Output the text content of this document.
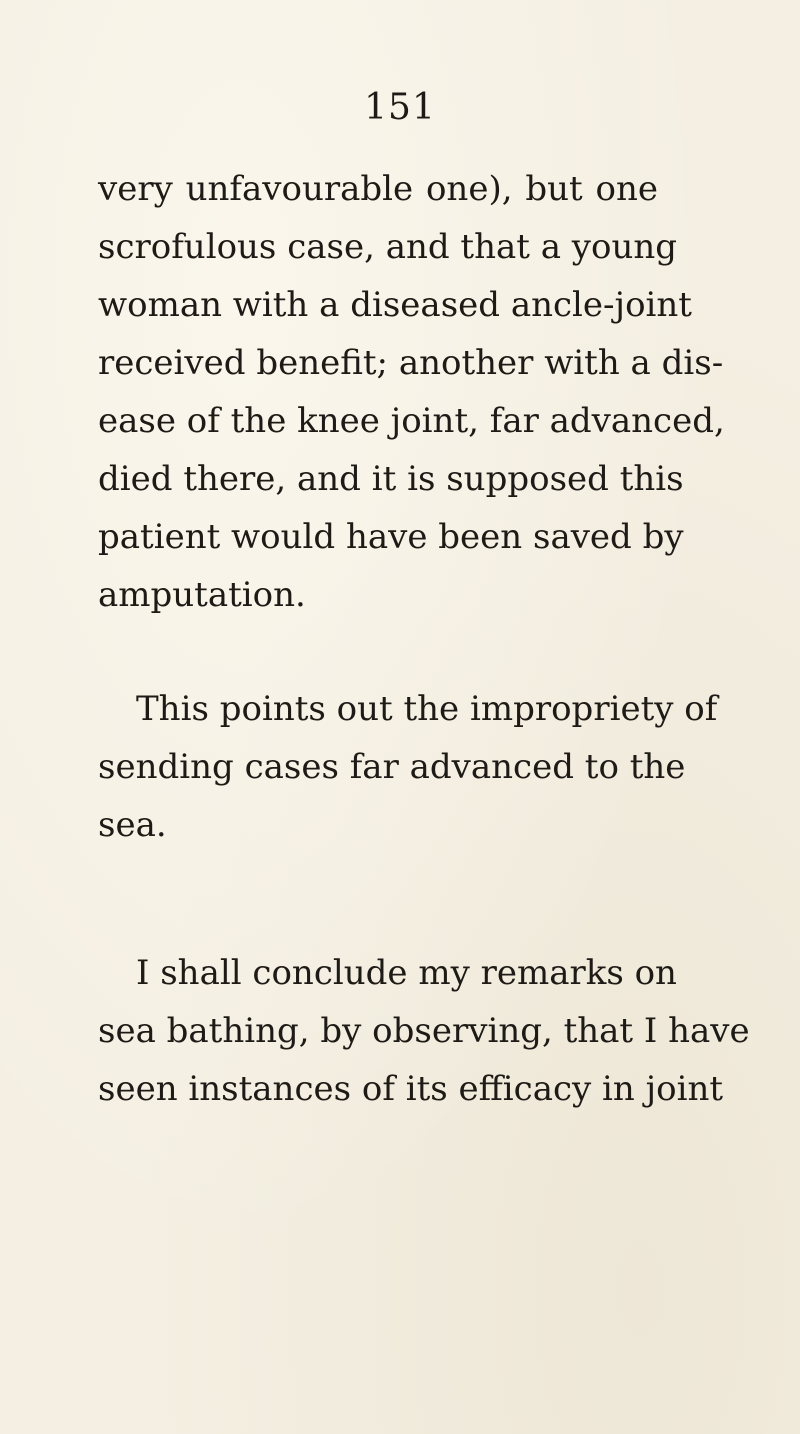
151
very unfavourable one), but one
scrofulous case, and that a young
woman with a diseased ancle-joint
received benefit; another with a dis-
ease of the knee joint, far advanced,
died there, and it is supposed this
patient would have been saved by
amputation.
This points out the impropriety of
sending cases far advanced to the
sea.
I shall conclude my remarks on
sea bathing, by observing, that I have
seen instances of its efficacy in joint
